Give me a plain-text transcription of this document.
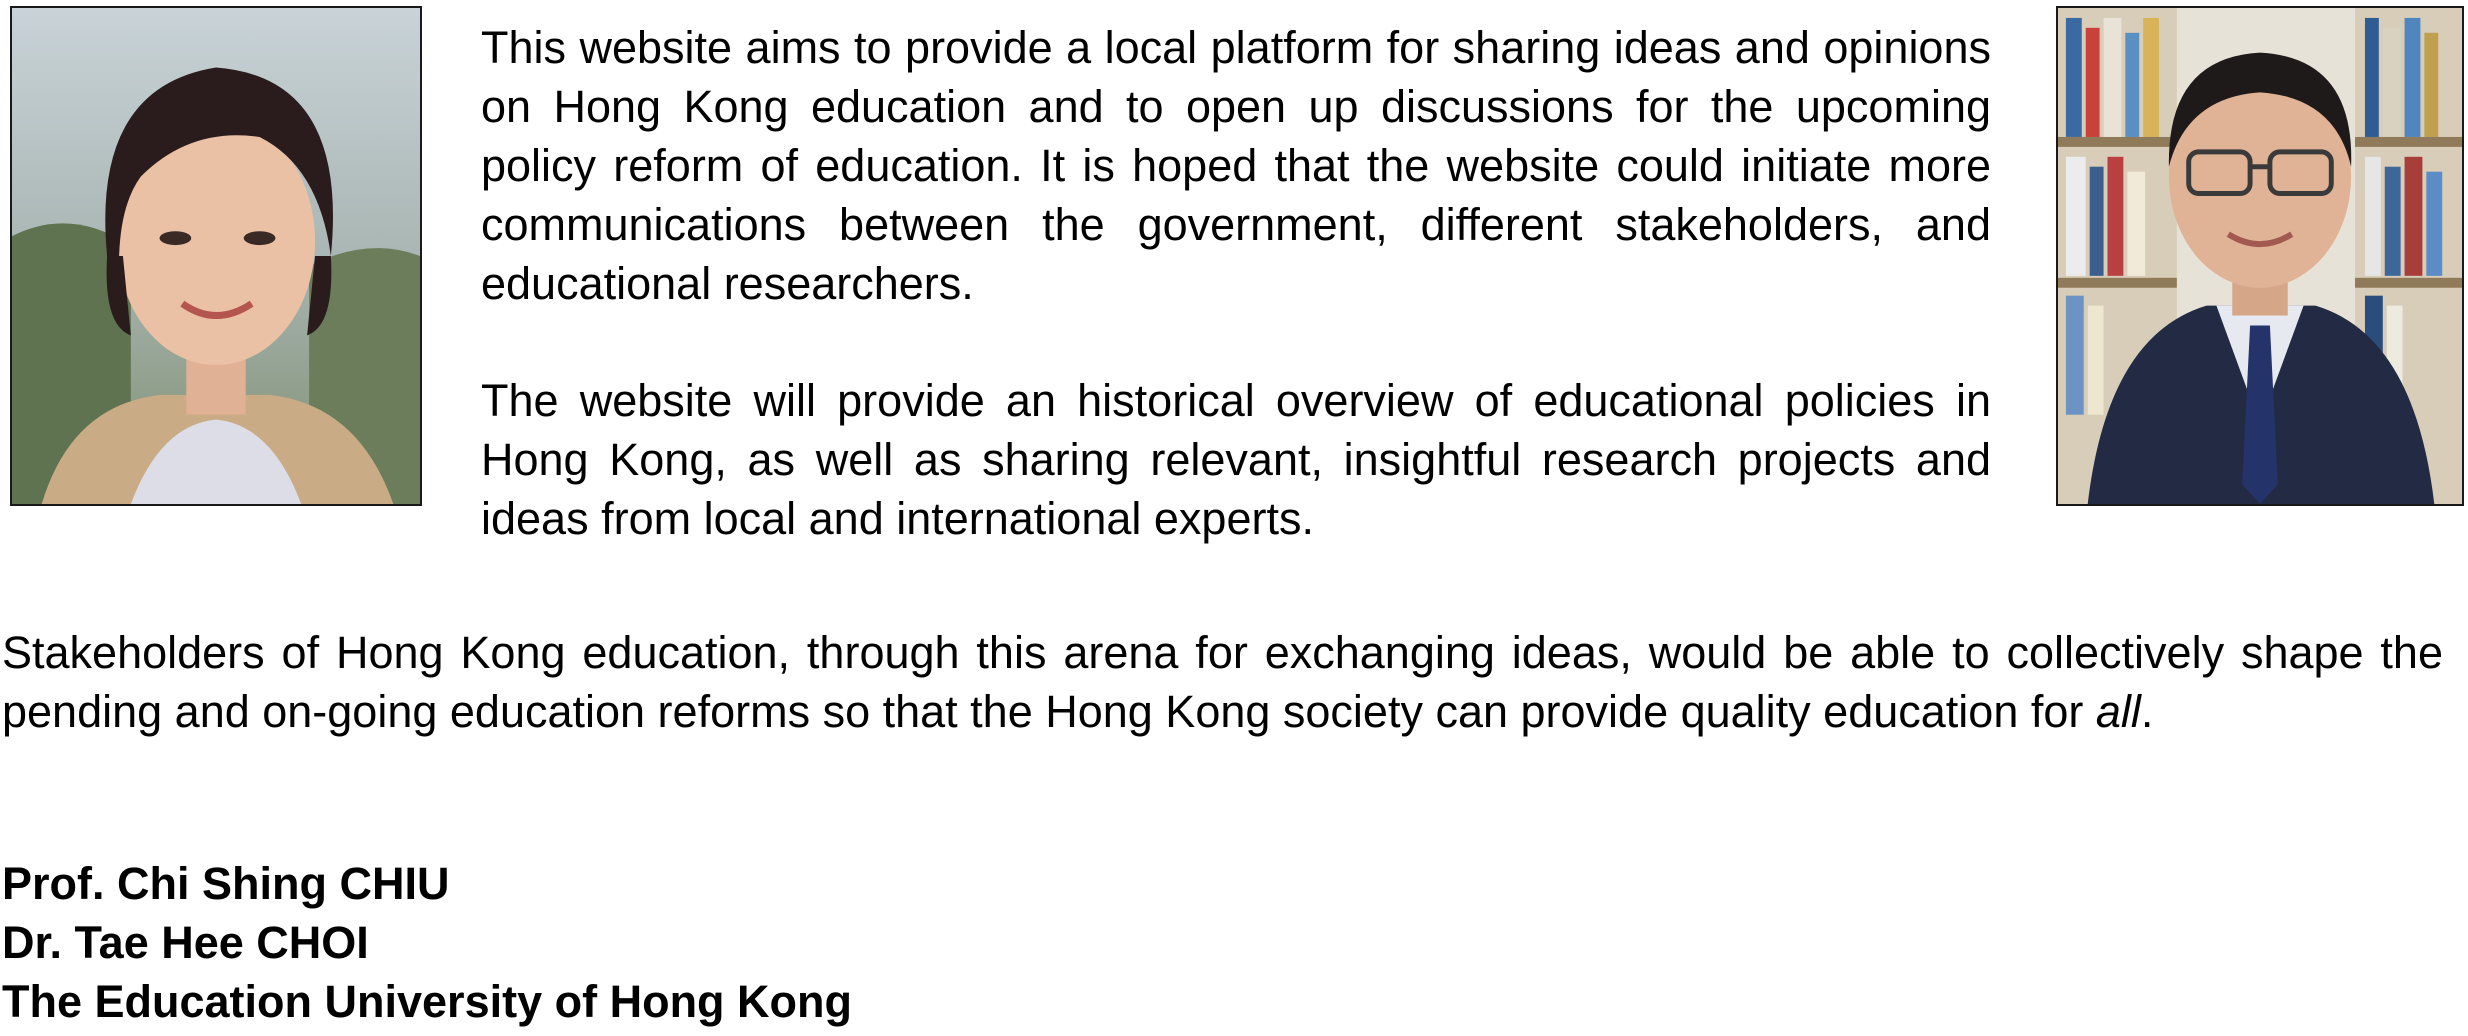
This website aims to provide a local platform for sharing ideas and opinions on Hong Kong education and to open up discussions for the upcoming policy reform of education. It is hoped that the website could initiate more communications between the government, different stakeholders, and educational researchers.

The website will provide an historical overview of educational policies in Hong Kong, as well as sharing relevant, insightful research projects and ideas from local and international experts.

Stakeholders of Hong Kong education, through this arena for exchanging ideas, would be able to collectively shape the pending and on-going education reforms so that the Hong Kong society can provide quality education for all.

Prof. Chi Shing CHIU
Dr. Tae Hee CHOI
The Education University of Hong Kong
